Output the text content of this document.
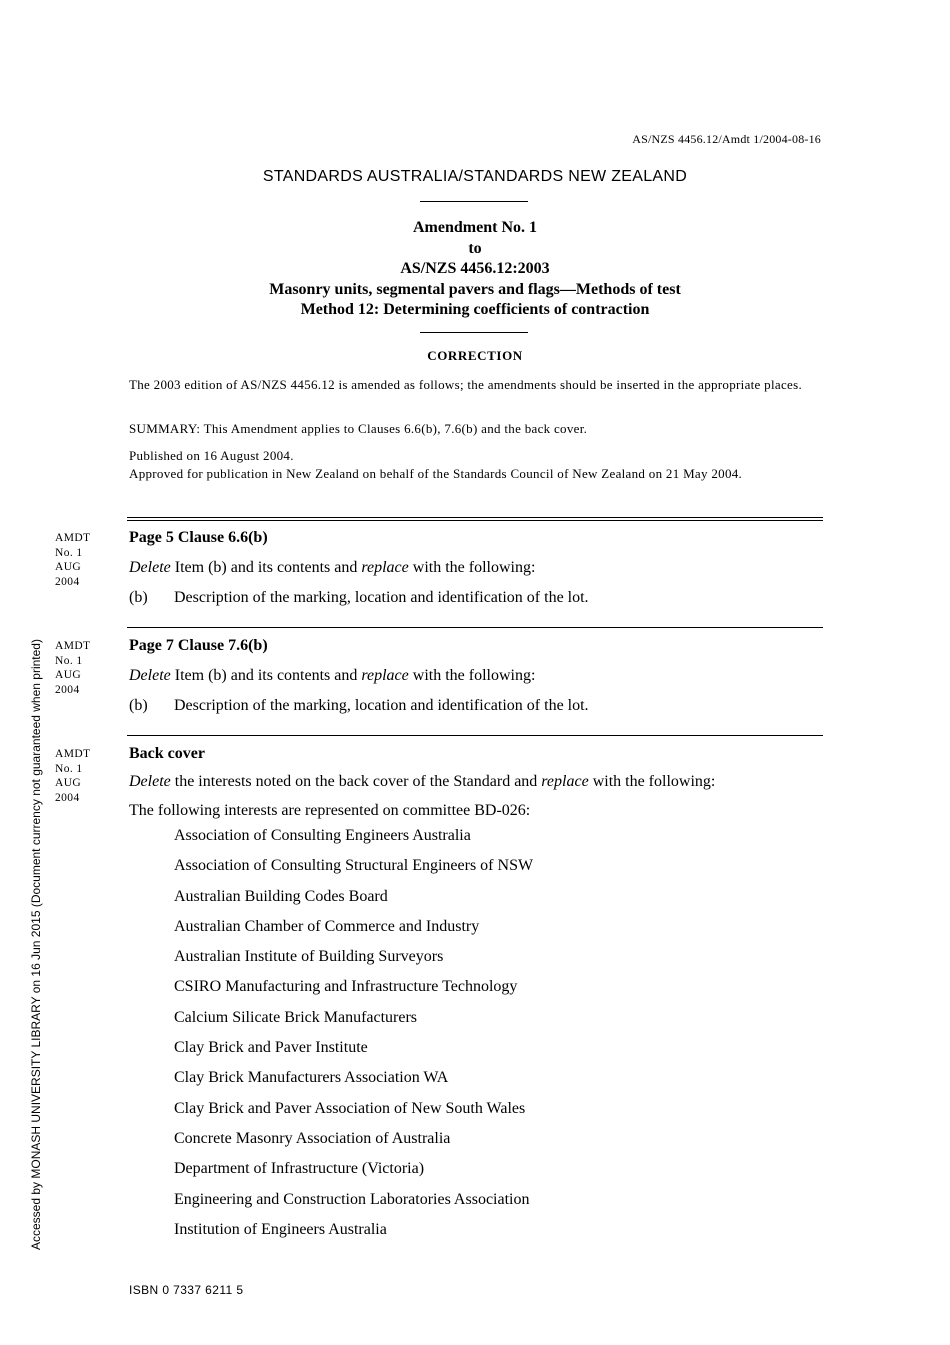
AS/NZS 4456.12/Amdt 1/2004-08-16
STANDARDS AUSTRALIA/STANDARDS NEW ZEALAND
Amendment No. 1
to
AS/NZS 4456.12:2003
Masonry units, segmental pavers and flags—Methods of test
Method 12: Determining coefficients of contraction
CORRECTION
The 2003 edition of AS/NZS 4456.12 is amended as follows; the amendments should be inserted in the appropriate places.
SUMMARY: This Amendment applies to Clauses 6.6(b), 7.6(b) and the back cover.
Published on 16 August 2004.
Approved for publication in New Zealand on behalf of the Standards Council of New Zealand on 21 May 2004.
AMDT
No. 1
AUG
2004
Page 5 Clause 6.6(b)
Delete Item (b) and its contents and replace with the following:
(b) Description of the marking, location and identification of the lot.
AMDT
No. 1
AUG
2004
Page 7 Clause 7.6(b)
Delete Item (b) and its contents and replace with the following:
(b) Description of the marking, location and identification of the lot.
AMDT
No. 1
AUG
2004
Back cover
Delete the interests noted on the back cover of the Standard and replace with the following:
The following interests are represented on committee BD-026:
Association of Consulting Engineers Australia
Association of Consulting Structural Engineers of NSW
Australian Building Codes Board
Australian Chamber of Commerce and Industry
Australian Institute of Building Surveyors
CSIRO Manufacturing and Infrastructure Technology
Calcium Silicate Brick Manufacturers
Clay Brick and Paver Institute
Clay Brick Manufacturers Association WA
Clay Brick and Paver Association of New South Wales
Concrete Masonry Association of Australia
Department of Infrastructure (Victoria)
Engineering and Construction Laboratories Association
Institution of Engineers Australia
Accessed by MONASH UNIVERSITY LIBRARY on 16 Jun 2015 (Document currency not guaranteed when printed)
ISBN 0 7337 6211 5
